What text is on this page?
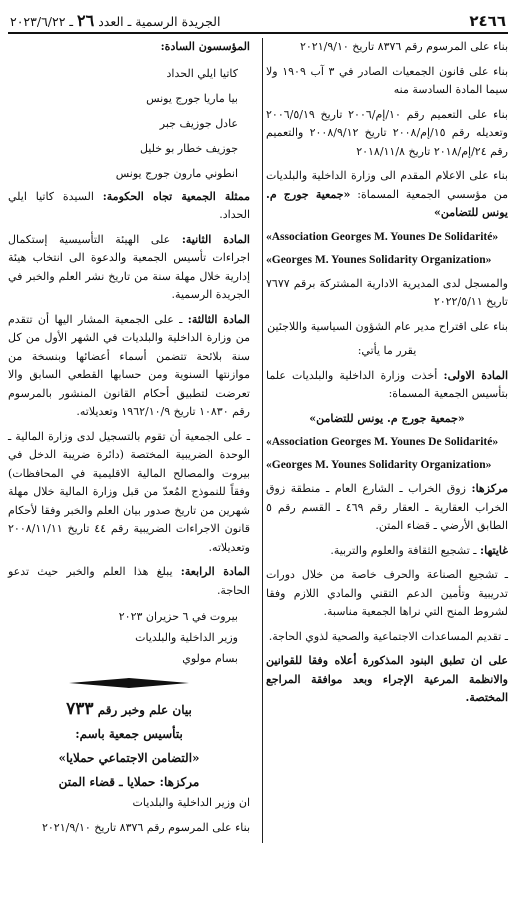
٢٤٦٦
الجريدة الرسمية ـ العدد ٢٦ ـ ٢٠٢٣/٦/٢٢

بناء على المرسوم رقم ٨٣٧٦ تاريخ ٢٠٢١/٩/١٠

بناء على قانون الجمعيات الصادر في ٣ آب ١٩٠٩ ولا سيما المادة السادسة منه

بناء على التعميم رقم ١٠/إم/٢٠٠٦ تاريخ ٢٠٠٦/٥/١٩ وتعديله رقم ١٥/إم/٢٠٠٨ تاريخ ٢٠٠٨/٩/١٢ والتعميم رقم ٢٤/إم/٢٠١٨ تاريخ ٢٠١٨/١١/٨

بناء على الاعلام المقدم الى وزارة الداخلية والبلديات من مؤسسي الجمعية المسماة: «جمعية جورج م. يونس للتضامن»

«Association Georges M. Younes De Solidarité»

«Georges M. Younes Solidarity Organization»

والمسجل لدى المديرية الادارية المشتركة برقم ٧٦٧٧ تاريخ ٢٠٢٢/٥/١١

بناء على اقتراح مدير عام الشؤون السياسية واللاجئين

يقرر ما يأتي:

المادة الاولى: أخذت وزارة الداخلية والبلديات علما بتأسيس الجمعية المسماة:

«جمعية جورج م. يونس للتضامن»

«Association Georges M. Younes De Solidarité»

«Georges M. Younes Solidarity Organization»

مركزها: زوق الخراب ـ الشارع العام ـ منطقة زوق الخراب العقارية ـ العقار رقم ٤٦٩ ـ القسم رقم ٥ الطابق الأرضي ـ قضاء المتن.

غايتها: ـ تشجيع الثقافة والعلوم والتربية.

ـ تشجيع الصناعة والحرف خاصة من خلال دورات تدريبية وتأمين الدعم التقني والمادي اللازم وفقا لشروط المنح التي نراها الجمعية مناسبة.

ـ تقديم المساعدات الاجتماعية والصحية لذوي الحاجة.

على ان تطبق البنود المذكورة أعلاه وفقا للقوانين والانظمة المرعية الإجراء وبعد موافقة المراجع المختصة.

المؤسسون السادة:

كاتيا ايلي الحداد
بيا ماريا جورج يونس
عادل جوزيف جبر
جوزيف خطار بو خليل
انطوني مارون جورج يونس

ممثلة الجمعية تجاه الحكومة: السيدة كاتيا ايلي الحداد.

المادة الثانية: على الهيئة التأسيسية إستكمال اجراءات تأسيس الجمعية والدعوة الى انتخاب هيئة إدارية خلال مهلة سنة من تاريخ نشر العلم والخبر في الجريدة الرسمية.

المادة الثالثة: ـ على الجمعية المشار اليها أن تتقدم من وزارة الداخلية والبلديات في الشهر الأول من كل سنة بلائحة تتضمن أسماء أعضائها وبنسخة من موازنتها السنوية ومن حسابها القطعي السابق والا تعرضت لتطبيق أحكام القانون المنشور بالمرسوم رقم ١٠٨٣٠ تاريخ ١٩٦٢/١٠/٩ وتعديلاته.

ـ على الجمعية أن تقوم بالتسجيل لدى وزارة المالية ـ الوحدة الضريبية المختصة (دائرة ضريبة الدخل في بيروت والمصالح المالية الاقليمية في المحافظات) وفقاً للنموذج المُعدّ من قبل وزارة المالية خلال مهلة شهرين من تاريخ صدور بيان العلم والخبر وفقا لأحكام قانون الاجراءات الضريبية رقم ٤٤ تاريخ ٢٠٠٨/١١/١١ وتعديلاته.

المادة الرابعة: يبلغ هذا العلم والخبر حيث تدعو الحاجة.

بيروت في ٦ حزيران ٢٠٢٣
وزير الداخلية والبلديات
بسام مولوي
بيان علم وخبر رقم ٧٣٣
بتأسيس جمعية باسم:
«التضامن الاجتماعي حملايا»
مركزها: حملايا ـ قضاء المتن

ان وزير الداخلية والبلديات

بناء على المرسوم رقم ٨٣٧٦ تاريخ ٢٠٢١/٩/١٠
